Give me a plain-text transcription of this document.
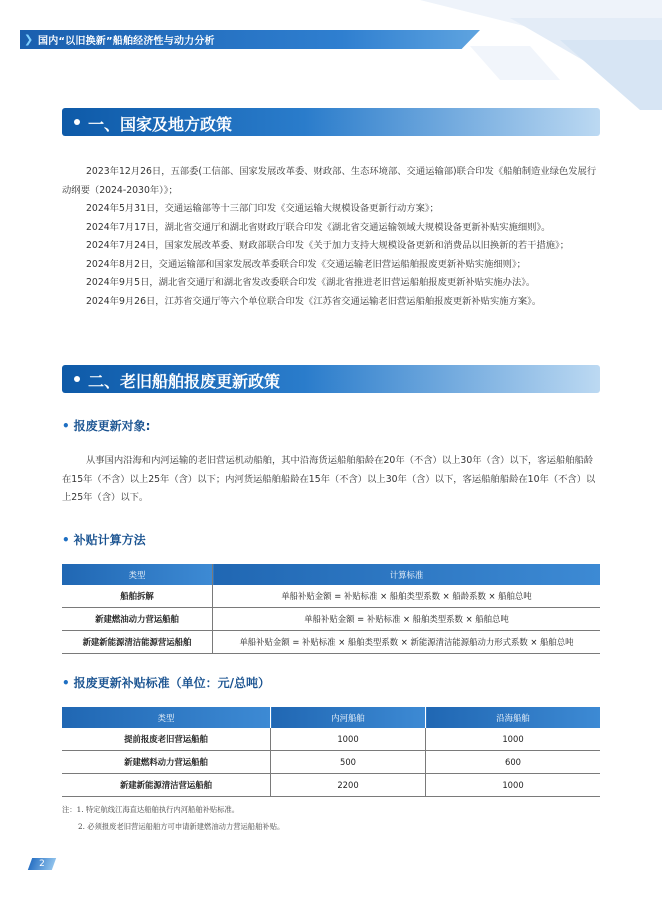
❯ 国内“以旧换新”船舶经济性与动力分析
一、国家及地方政策

2023年12月26日，五部委(工信部、国家发展改革委、财政部、生态环境部、交通运输部)联合印发《船舶制造业绿色发展行动纲要（2024-2030年）》；

2024年5月31日，交通运输部等十三部门印发《交通运输大规模设备更新行动方案》；

2024年7月17日，湖北省交通厅和湖北省财政厅联合印发《湖北省交通运输领域大规模设备更新补贴实施细则》。

2024年7月24日，国家发展改革委、财政部联合印发《关于加力支持大规模设备更新和消费品以旧换新的若干措施》；

2024年8月2日，交通运输部和国家发展改革委联合印发《交通运输老旧营运船舶报废更新补贴实施细则》；

2024年9月5日，湖北省交通厅和湖北省发改委联合印发《湖北省推进老旧营运船舶报废更新补贴实施办法》。

2024年9月26日，江苏省交通厅等六个单位联合印发《江苏省交通运输老旧营运船舶报废更新补贴实施方案》。

二、老旧船舶报废更新政策
• 报废更新对象:

从事国内沿海和内河运输的老旧营运机动船舶，其中沿海货运船舶船龄在20年（不含）以上30年（含）以下，客运船舶船龄在15年（不含）以上25年（含）以下；内河货运船舶船龄在15年（不含）以上30年（含）以下，客运船舶船龄在10年（不含）以上25年（含）以下。

• 补贴计算方法
类型	计算标准
船舶拆解	单船补贴金额 = 补贴标准 × 船舶类型系数 × 船龄系数 × 船舶总吨
新建燃油动力营运船舶	单船补贴金额 = 补贴标准 × 船舶类型系数 × 船舶总吨
新建新能源清洁能源营运船舶	单船补贴金额 = 补贴标准 × 船舶类型系数 × 新能源清洁能源船动力形式系数 × 船舶总吨
• 报废更新补贴标准（单位：元/总吨）
类型	内河船舶	沿海船舶
提前报废老旧营运船舶	1000	1000
新建燃料动力营运船舶	500	600
新建新能源清洁营运船舶	2200	1000
注：1. 特定航线江海直达船舶执行内河船舶补贴标准。
2. 必须报废老旧营运船舶方可申请新建燃油动力营运船舶补贴。
2
